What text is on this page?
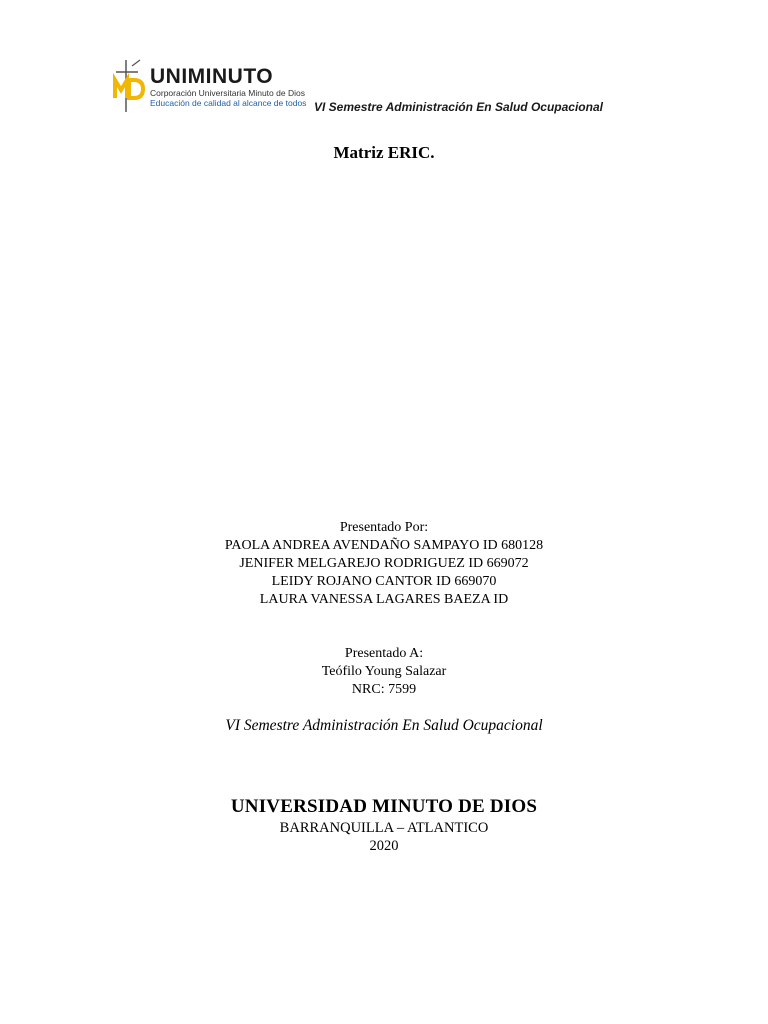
UNIMINUTO
Corporación Universitaria Minuto de Dios
Educación de calidad al alcance de todos VI Semestre Administración En Salud Ocupacional
Matriz ERIC.
Presentado Por:
PAOLA ANDREA AVENDAÑO SAMPAYO ID 680128
JENIFER MELGAREJO RODRIGUEZ ID 669072
LEIDY ROJANO CANTOR ID 669070
LAURA VANESSA LAGARES BAEZA ID
Presentado A:
Teófilo Young Salazar
NRC: 7599
VI Semestre Administración En Salud Ocupacional
UNIVERSIDAD MINUTO DE DIOS
BARRANQUILLA – ATLANTICO
2020
